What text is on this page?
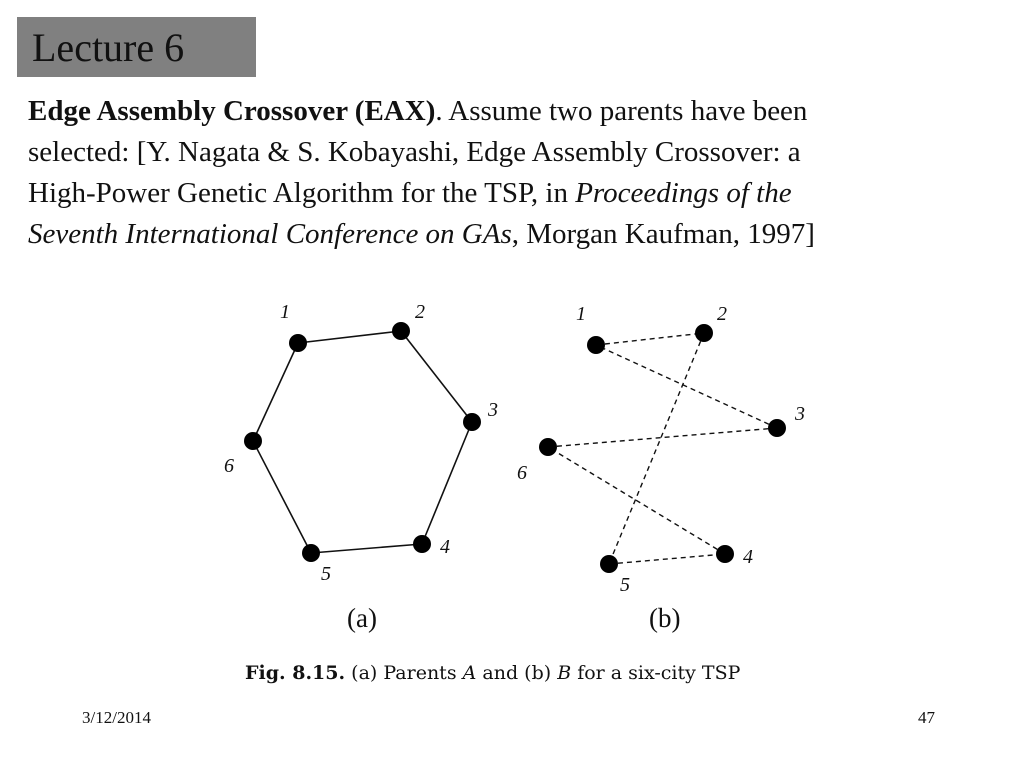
Lecture 6
Edge Assembly Crossover (EAX). Assume two parents have been
selected: [Y. Nagata & S. Kobayashi, Edge Assembly Crossover: a
High-Power Genetic Algorithm for the TSP, in Proceedings of the
Seventh International Conference on GAs, Morgan Kaufman, 1997]
1	2
3
4
5
6
1	2
3
4
5
6
(a)	(b)
Fig. 8.15. (a) Parents A and (b) B for a six-city TSP
3/12/2014	47
